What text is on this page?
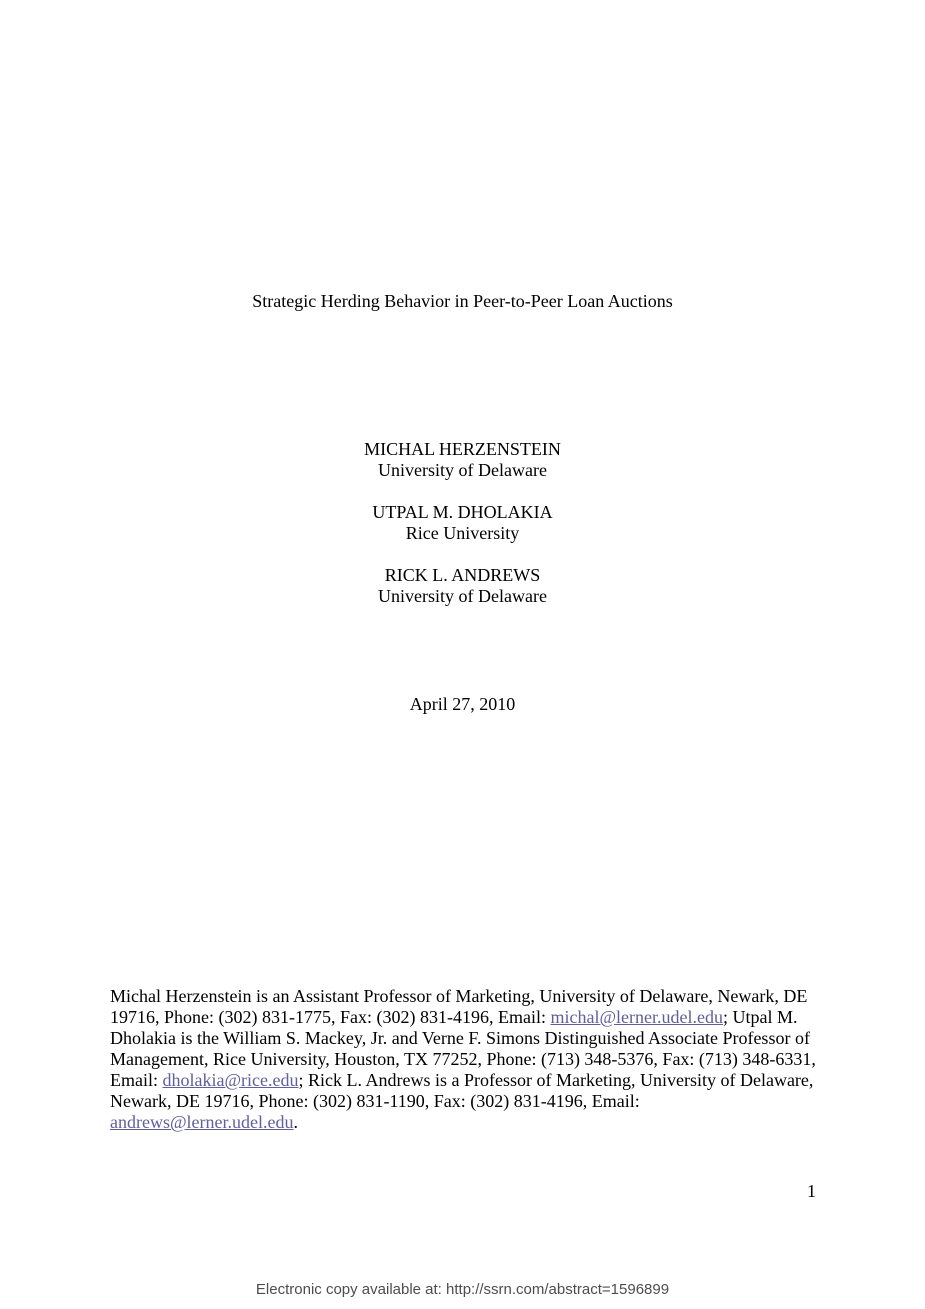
Strategic Herding Behavior in Peer-to-Peer Loan Auctions
MICHAL HERZENSTEIN
University of Delaware
UTPAL M. DHOLAKIA
Rice University
RICK L. ANDREWS
University of Delaware
April 27, 2010
Michal Herzenstein is an Assistant Professor of Marketing, University of Delaware, Newark, DE 19716, Phone: (302) 831-1775, Fax: (302) 831-4196, Email: michal@lerner.udel.edu; Utpal M. Dholakia is the William S. Mackey, Jr. and Verne F. Simons Distinguished Associate Professor of Management, Rice University, Houston, TX 77252, Phone: (713) 348-5376, Fax: (713) 348-6331, Email: dholakia@rice.edu; Rick L. Andrews is a Professor of Marketing, University of Delaware, Newark, DE 19716, Phone: (302) 831-1190, Fax: (302) 831-4196, Email: andrews@lerner.udel.edu.
1
Electronic copy available at: http://ssrn.com/abstract=1596899
